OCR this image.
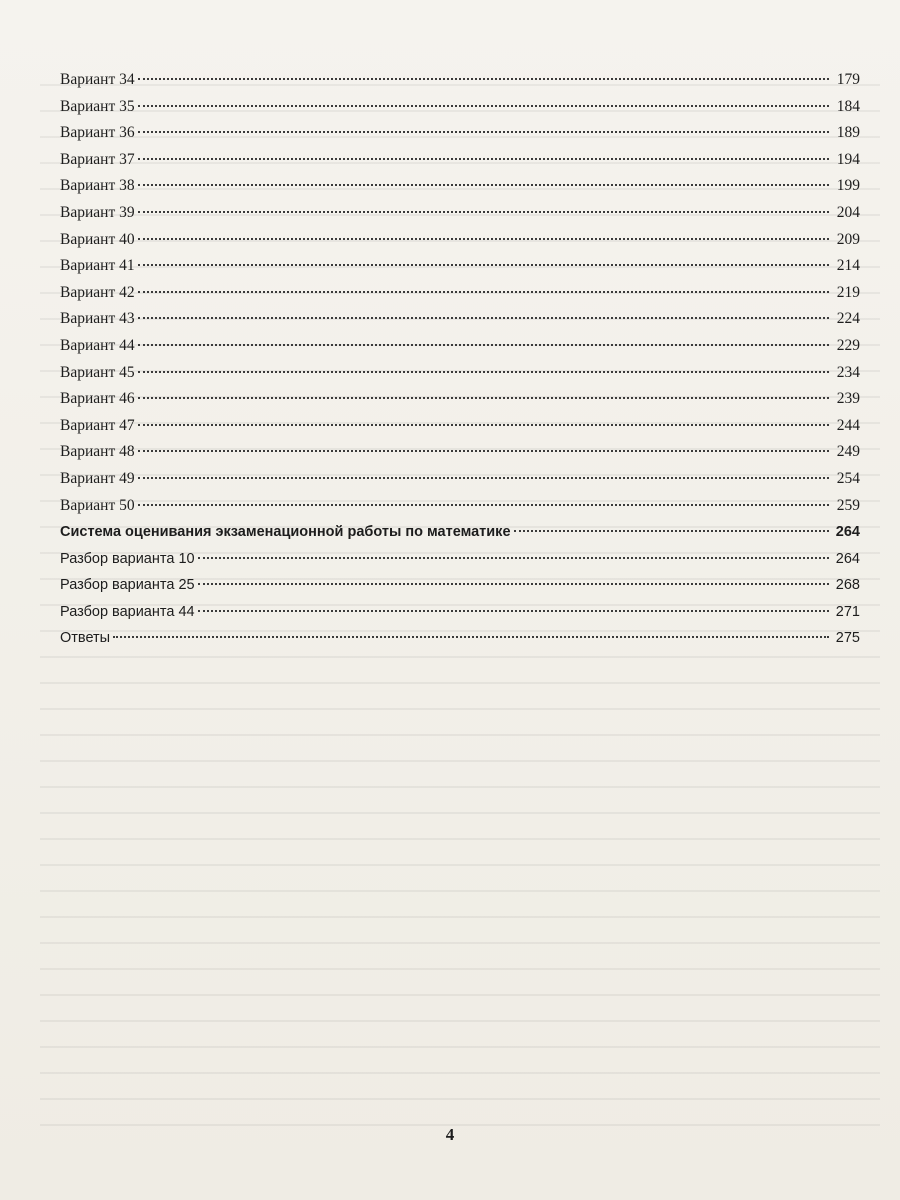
Вариант 34	179
Вариант 35	184
Вариант 36	189
Вариант 37	194
Вариант 38	199
Вариант 39	204
Вариант 40	209
Вариант 41	214
Вариант 42	219
Вариант 43	224
Вариант 44	229
Вариант 45	234
Вариант 46	239
Вариант 47	244
Вариант 48	249
Вариант 49	254
Вариант 50	259
Система оценивания экзаменационной работы по математике	264
Разбор варианта 10	264
Разбор варианта 25	268
Разбор варианта 44	271
Ответы	275
4
